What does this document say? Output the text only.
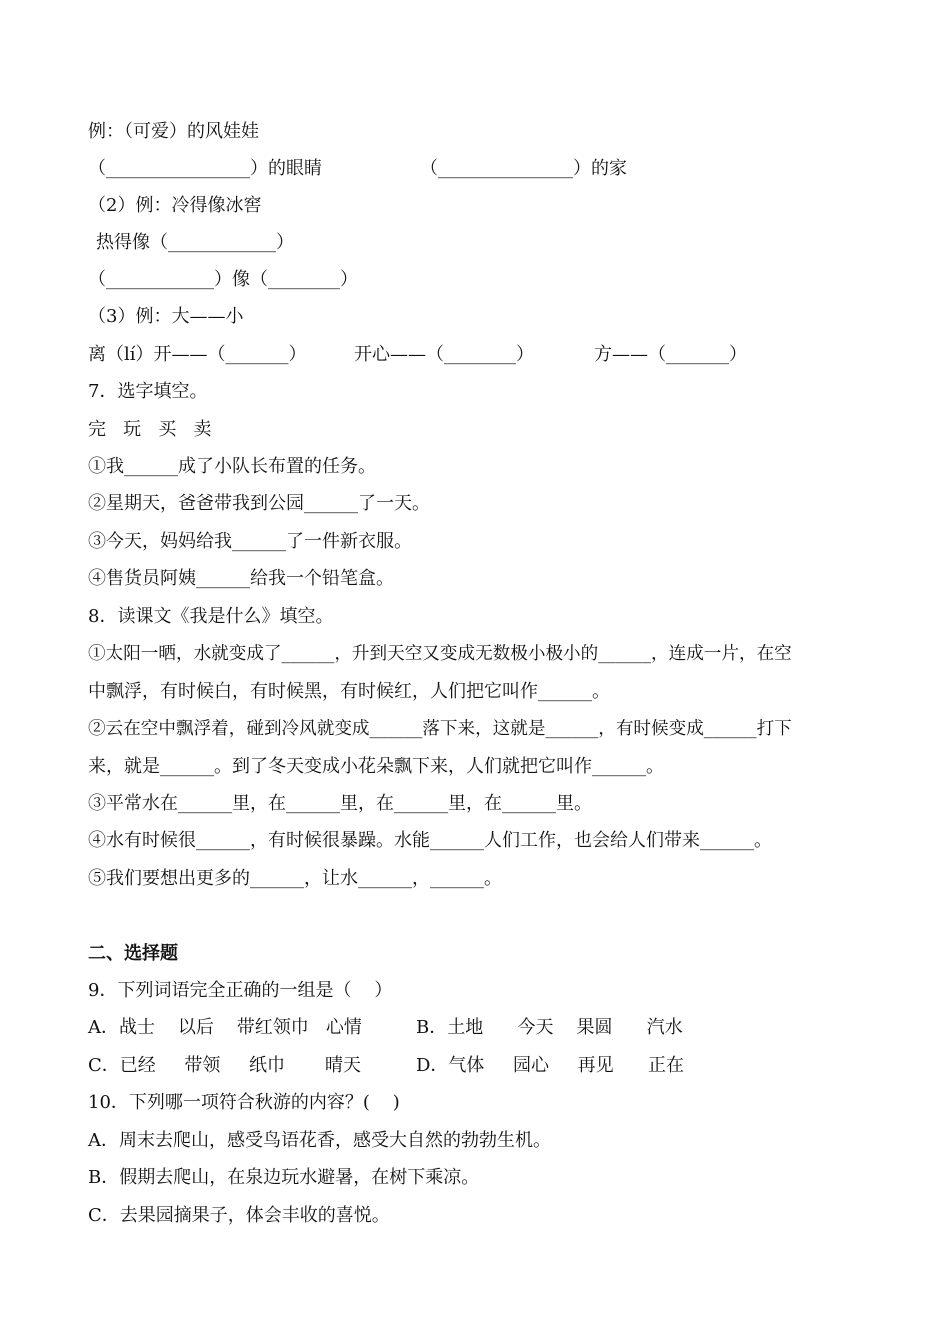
例：（可爱）的风娃娃
（________________）的眼睛	（_______________）的家
（2）例：冷得像冰窖
热得像（____________）
（____________）像（________）
（3）例：大——小
离（lí）开——（_______）	开心——（________）	方——（_______）
7．选字填空。
完   玩   买   卖
①我______成了小队长布置的任务。
②星期天，爸爸带我到公园______了一天。
③今天，妈妈给我______了一件新衣服。
④售货员阿姨______给我一个铅笔盒。
8．读课文《我是什么》填空。
①太阳一晒，水就变成了______，升到天空又变成无数极小极小的______，连成一片，在空
中飘浮，有时候白，有时候黑，有时候红，人们把它叫作______。
②云在空中飘浮着，碰到冷风就变成______落下来，这就是______，有时候变成______打下
来，就是______。到了冬天变成小花朵飘下来，人们就把它叫作______。
③平常水在______里，在______里，在______里，在______里。
④水有时候很______，有时候很暴躁。水能______人们工作，也会给人们带来______。
⑤我们要想出更多的______，让水______，______。
二、选择题
9．下列词语完全正确的一组是（    ）
A．战士    以后    带红领巾   心情	B．土地      今天    果圆      汽水
C．已经     带领     纸巾       晴天	D．气体     园心     再见      正在
10．下列哪一项符合秋游的内容？(    )
A．周末去爬山，感受鸟语花香，感受大自然的勃勃生机。
B．假期去爬山，在泉边玩水避暑，在树下乘凉。
C．去果园摘果子，体会丰收的喜悦。
